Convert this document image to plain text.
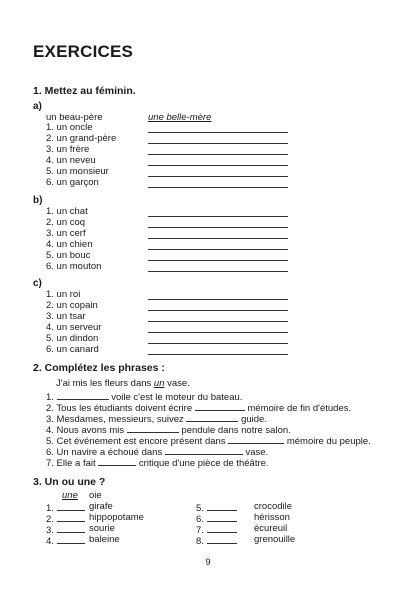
EXERCICES
1. Mettez au féminin.
a)
un beau-père	une belle-mère
1. un oncle
2. un grand-père
3. un frère
4. un neveu
5. un monsieur
6. un garçon
b)
1. un chat
2. un coq
3. un cerf
4. un chien
5. un bouc
6. un mouton
c)
1. un roi
2. un copain
3. un tsar
4. un serveur
5. un dindon
6. un canard
2. Complétez les phrases :
J'ai mis les fleurs dans un vase.
1.	voile c'est le moteur du bateau.
2. Tous les étudiants doivent écrire	mémoire de fin d'études.
3. Mesdames, messieurs, suivez	guide.
4. Nous avons mis	pendule dans notre salon.
5. Cet événement est encore présent dans	mémoire du peuple.
6. Un navire a échoué dans	vase.
7. Elle a fait	critique d'une pièce de théâtre.
3. Un ou une ?
une oie
1.	girafe
2.	hippopotame
3.	sourie
4.	baleine
5.	crocodile
6.	hérisson
7.	écureuil
8.	grenouille
9
